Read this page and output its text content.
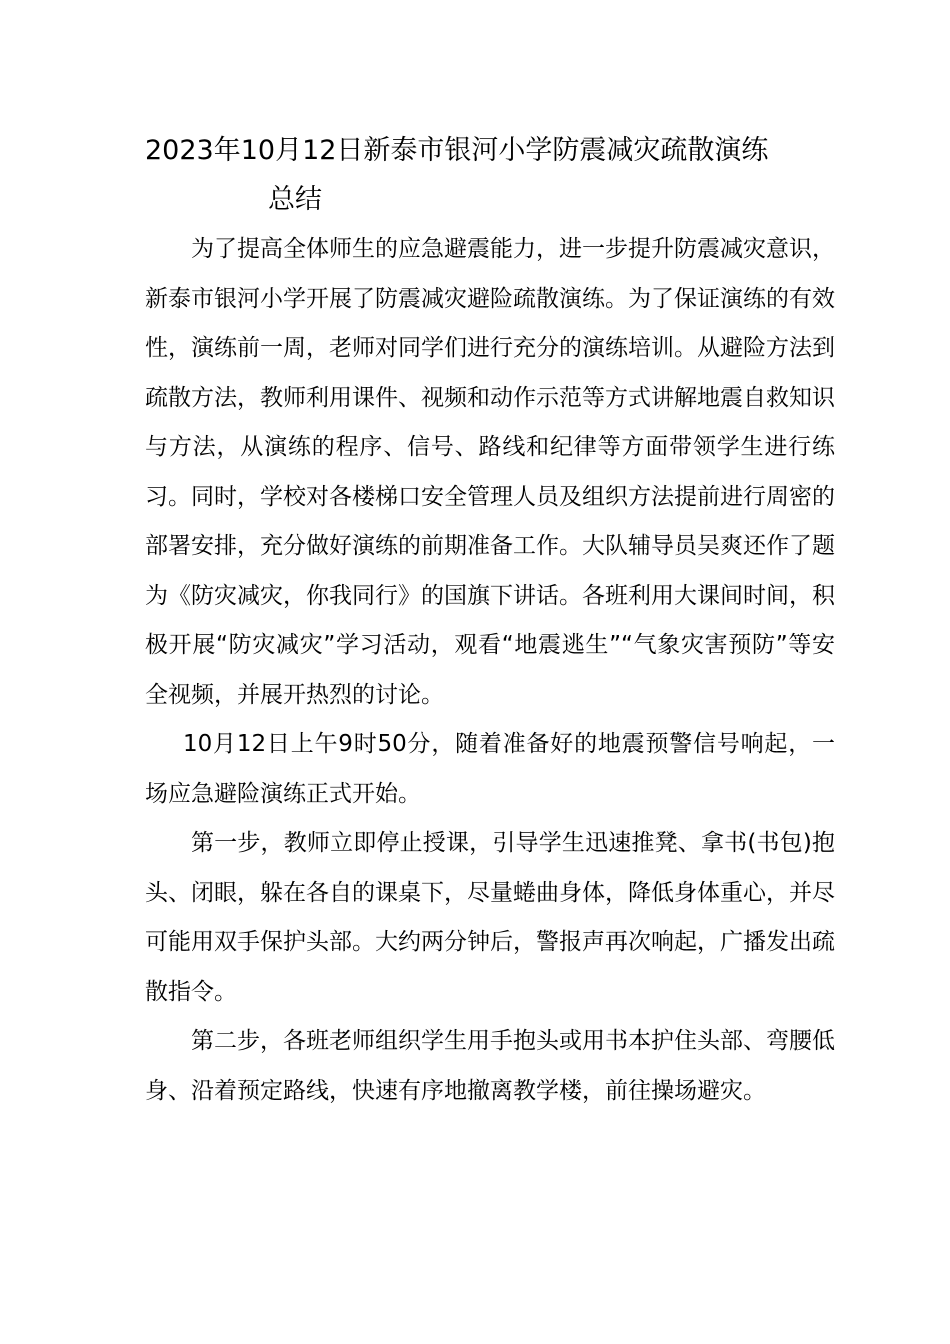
2023年10月12日新泰市银河小学防震减灾疏散演练
总结

为了提高全体师生的应急避震能力，进一步提升防震减灾意识，新泰市银河小学开展了防震减灾避险疏散演练。为了保证演练的有效性，演练前一周，老师对同学们进行充分的演练培训。从避险方法到疏散方法，教师利用课件、视频和动作示范等方式讲解地震自救知识与方法，从演练的程序、信号、路线和纪律等方面带领学生进行练习。同时，学校对各楼梯口安全管理人员及组织方法提前进行周密的部署安排，充分做好演练的前期准备工作。大队辅导员吴爽还作了题为《防灾减灾，你我同行》的国旗下讲话。各班利用大课间时间，积极开展“防灾减灾”学习活动，观看“地震逃生”“气象灾害预防”等安全视频，并展开热烈的讨论。

10月12日上午9时50分，随着准备好的地震预警信号响起，一场应急避险演练正式开始。

第一步，教师立即停止授课，引导学生迅速推凳、拿书(书包)抱头、闭眼，躲在各自的课桌下，尽量蜷曲身体，降低身体重心，并尽可能用双手保护头部。大约两分钟后，警报声再次响起，广播发出疏散指令。

第二步，各班老师组织学生用手抱头或用书本护住头部、弯腰低身、沿着预定路线，快速有序地撤离教学楼，前往操场避灾。
